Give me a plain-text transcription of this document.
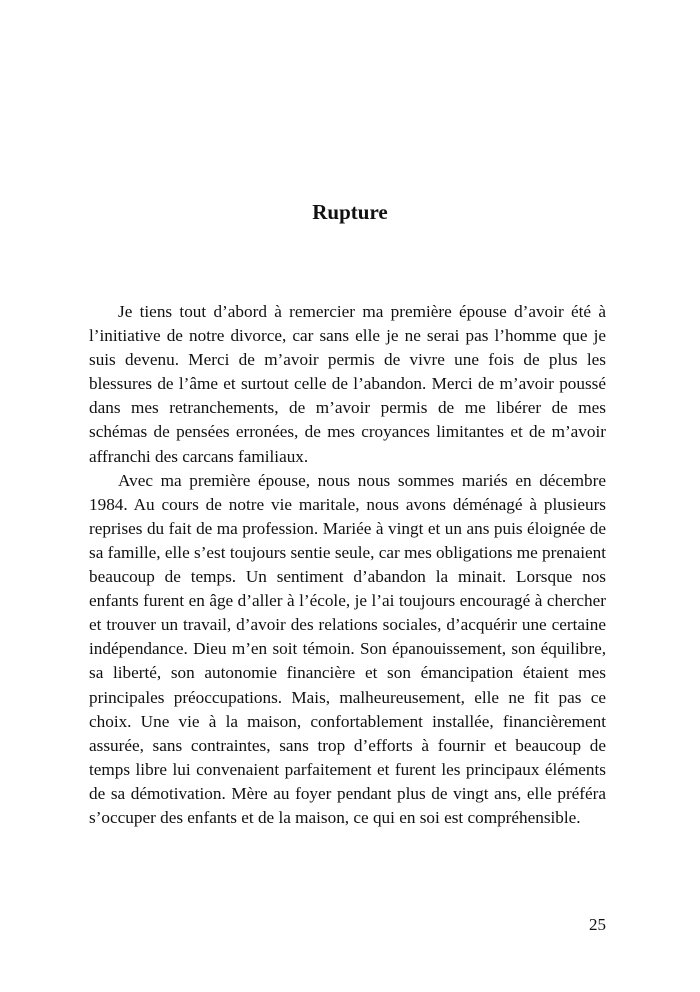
Rupture

Je tiens tout d’abord à remercier ma première épouse d’avoir été à l’initiative de notre divorce, car sans elle je ne serai pas l’homme que je suis devenu. Merci de m’avoir permis de vivre une fois de plus les blessures de l’âme et surtout celle de l’abandon. Merci de m’avoir poussé dans mes retranchements, de m’avoir permis de me libérer de mes schémas de pensées erronées, de mes croyances limitantes et de m’avoir affranchi des carcans familiaux.

Avec ma première épouse, nous nous sommes mariés en décembre 1984. Au cours de notre vie maritale, nous avons déménagé à plusieurs reprises du fait de ma profession. Mariée à vingt et un ans puis éloignée de sa famille, elle s’est toujours sentie seule, car mes obligations me prenaient beaucoup de temps. Un sentiment d’abandon la minait. Lorsque nos enfants furent en âge d’aller à l’école, je l’ai toujours encouragé à chercher et trouver un travail, d’avoir des relations sociales, d’acquérir une certaine indépendance. Dieu m’en soit témoin. Son épanouissement, son équilibre, sa liberté, son autonomie financière et son émancipation étaient mes principales préoccupations. Mais, malheureusement, elle ne fit pas ce choix. Une vie à la maison, confortablement installée, financièrement assurée, sans contraintes, sans trop d’efforts à fournir et beaucoup de temps libre lui convenaient parfaitement et furent les principaux éléments de sa démotivation. Mère au foyer pendant plus de vingt ans, elle préféra s’occuper des enfants et de la maison, ce qui en soi est compréhensible.

25
